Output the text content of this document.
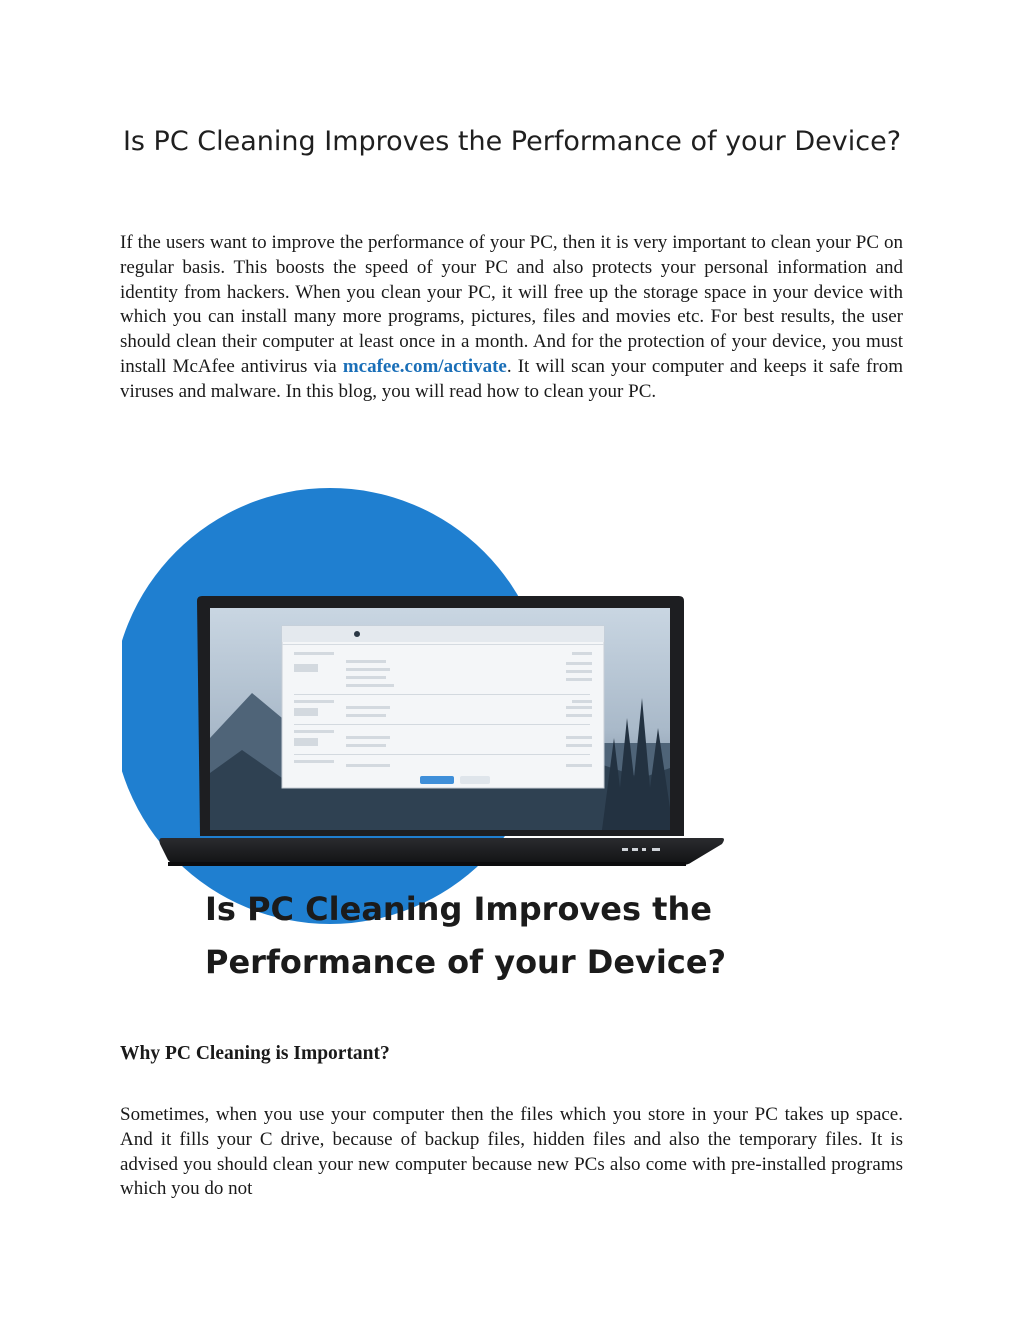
Is PC Cleaning Improves the Performance of your Device?

If the users want to improve the performance of your PC, then it is very important to clean your PC on regular basis. This boosts the speed of your PC and also protects your personal information and identity from hackers. When you clean your PC, it will free up the storage space in your device with which you can install many more programs, pictures, files and movies etc. For best results, the user should clean their computer at least once in a month. And for the protection of your device, you must install McAfee antivirus via mcafee.com/activate. It will scan your computer and keeps it safe from viruses and malware. In this blog, you will read how to clean your PC.

Is PC Cleaning Improves the Performance of your Device?
Why PC Cleaning is Important?

Sometimes, when you use your computer then the files which you store in your PC takes up space. And it fills your C drive, because of backup files, hidden files and also the temporary files. It is advised you should clean your new computer because new PCs also come with pre-installed programs which you do not
